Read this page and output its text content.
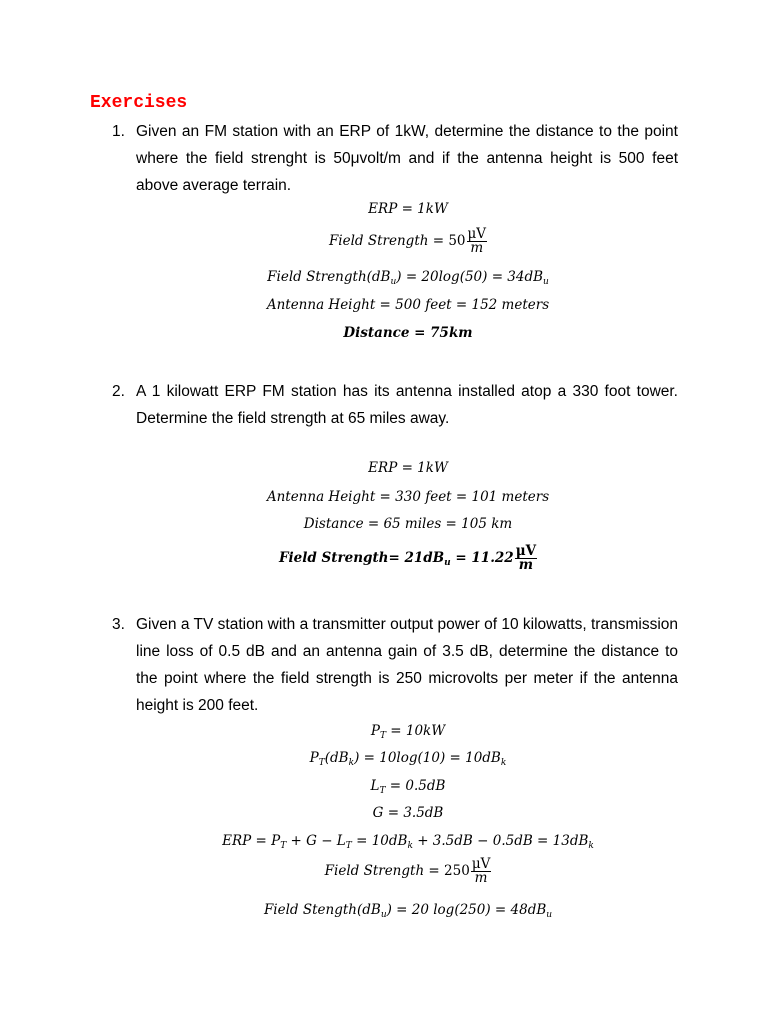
Exercises
1. Given an FM station with an ERP of 1kW, determine the distance to the point where the field strenght is 50μvolt/m and if the antenna height is 500 feet above average terrain.
ERP = 1kW
Field Strength = $50 \frac{\mu V}{m}$
Field $Strength(dB_u) = 20\log(50) = 34dB_u$
Antenna Height = 500 feet = 152 meters
Distance = 75km
2. A 1 kilowatt ERP FM station has its antenna installed atop a 330 foot tower. Determine the field strength at 65 miles away.
ERP = 1kW
Antenna Height = 330 feet = 101 meters
Distance = 65 miles = 105 km
Field Strength= $21dB_u = 11.22 \frac{\mu V}{m}$
3. Given a TV station with a transmitter output power of 10 kilowatts, transmission line loss of 0.5 dB and an antenna gain of 3.5 dB, determine the distance to the point where the field strength is 250 microvolts per meter if the antenna height is 200 feet.
$P_T = 10kW$
$P_T(dB_k) = 10\log(10) = 10dB_k$
$L_T = 0.5dB$
G = 3.5dB
ERP = $P_T + G - L_T = 10dB_k + 3.5dB - 0.5dB = 13dB_k$
Field Strength = $250 \frac{\mu V}{m}$
Field $Stength(dB_u) = 20$ $\log(250) = 48dB_u$
